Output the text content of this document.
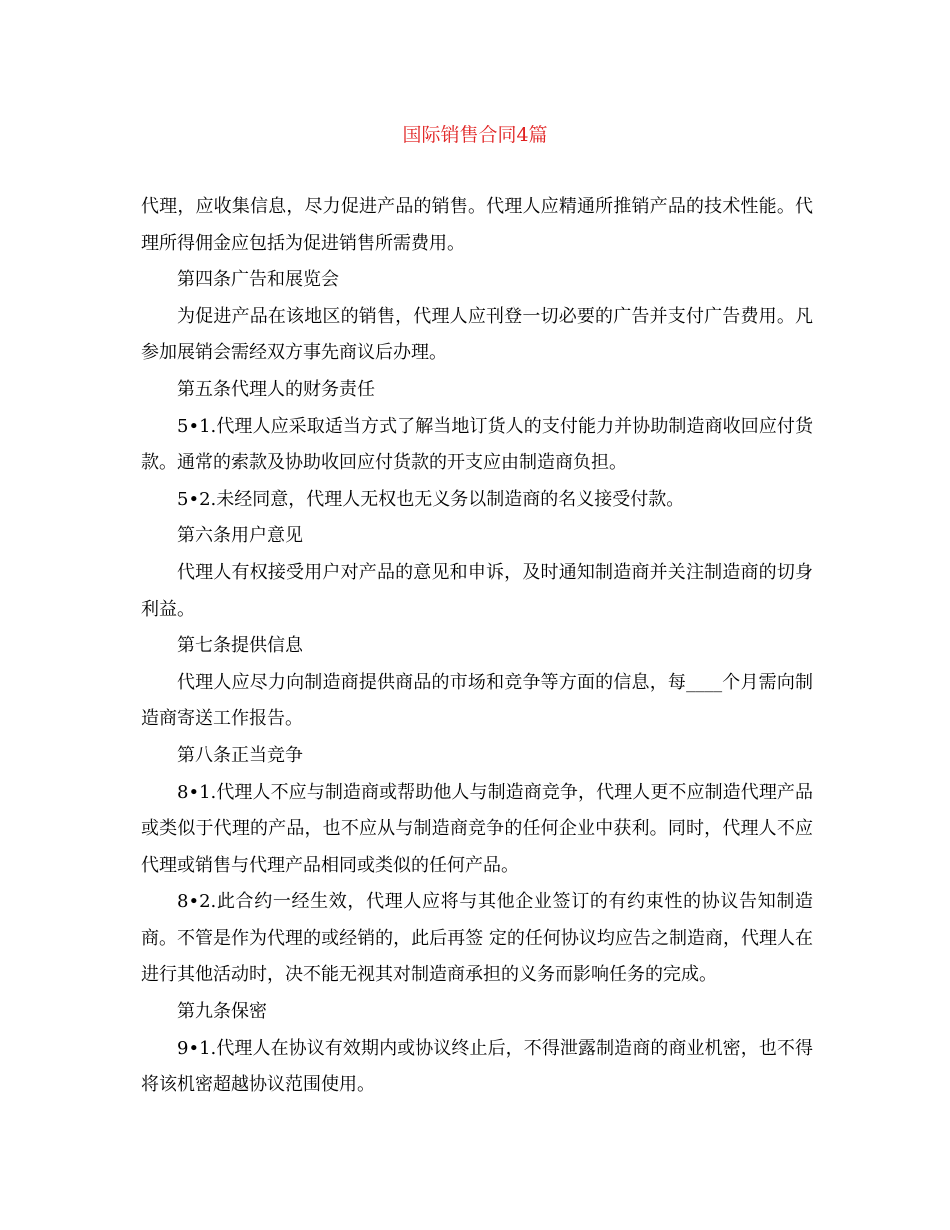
国际销售合同4篇

代理，应收集信息，尽力促进产品的销售。代理人应精通所推销产品的技术性能。代理所得佣金应包括为促进销售所需费用。

第四条广告和展览会

为促进产品在该地区的销售，代理人应刊登一切必要的广告并支付广告费用。凡参加展销会需经双方事先商议后办理。

第五条代理人的财务责任

5•1.代理人应采取适当方式了解当地订货人的支付能力并协助制造商收回应付货款。通常的索款及协助收回应付货款的开支应由制造商负担。

5•2.未经同意，代理人无权也无义务以制造商的名义接受付款。

第六条用户意见

代理人有权接受用户对产品的意见和申诉，及时通知制造商并关注制造商的切身利益。

第七条提供信息

代理人应尽力向制造商提供商品的市场和竞争等方面的信息，每____个月需向制造商寄送工作报告。

第八条正当竞争

8•1.代理人不应与制造商或帮助他人与制造商竞争，代理人更不应制造代理产品或类似于代理的产品，也不应从与制造商竞争的任何企业中获利。同时，代理人不应代理或销售与代理产品相同或类似的任何产品。

8•2.此合约一经生效，代理人应将与其他企业签订的有约束性的协议告知制造商。不管是作为代理的或经销的，此后再签 定的任何协议均应告之制造商，代理人在进行其他活动时，决不能无视其对制造商承担的义务而影响任务的完成。

第九条保密

9•1.代理人在协议有效期内或协议终止后，不得泄露制造商的商业机密，也不得将该机密超越协议范围使用。
